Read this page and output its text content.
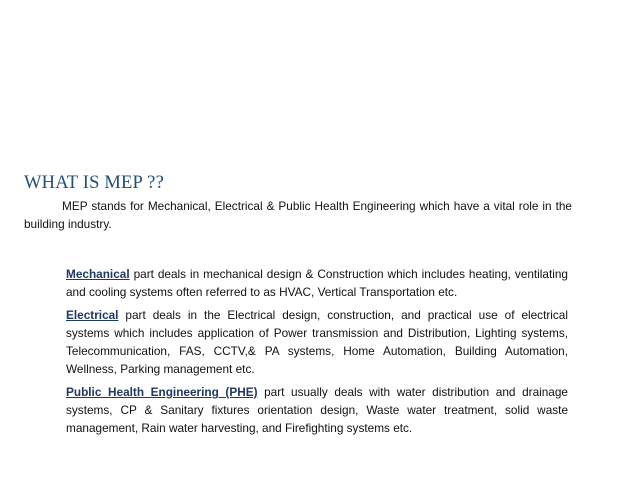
WHAT IS MEP ??

MEP stands for Mechanical, Electrical & Public Health Engineering which have a vital role in the building industry.

Mechanical part deals in mechanical design & Construction which includes heating, ventilating and cooling systems often referred to as HVAC, Vertical Transportation etc.

Electrical part deals in the Electrical design, construction, and practical use of electrical systems which includes application of Power transmission and Distribution, Lighting systems, Telecommunication, FAS, CCTV,& PA systems, Home Automation, Building Automation, Wellness, Parking management etc.

Public Health Engineering (PHE) part usually deals with water distribution and drainage systems, CP & Sanitary fixtures orientation design, Waste water treatment, solid waste management, Rain water harvesting, and Firefighting systems etc.
